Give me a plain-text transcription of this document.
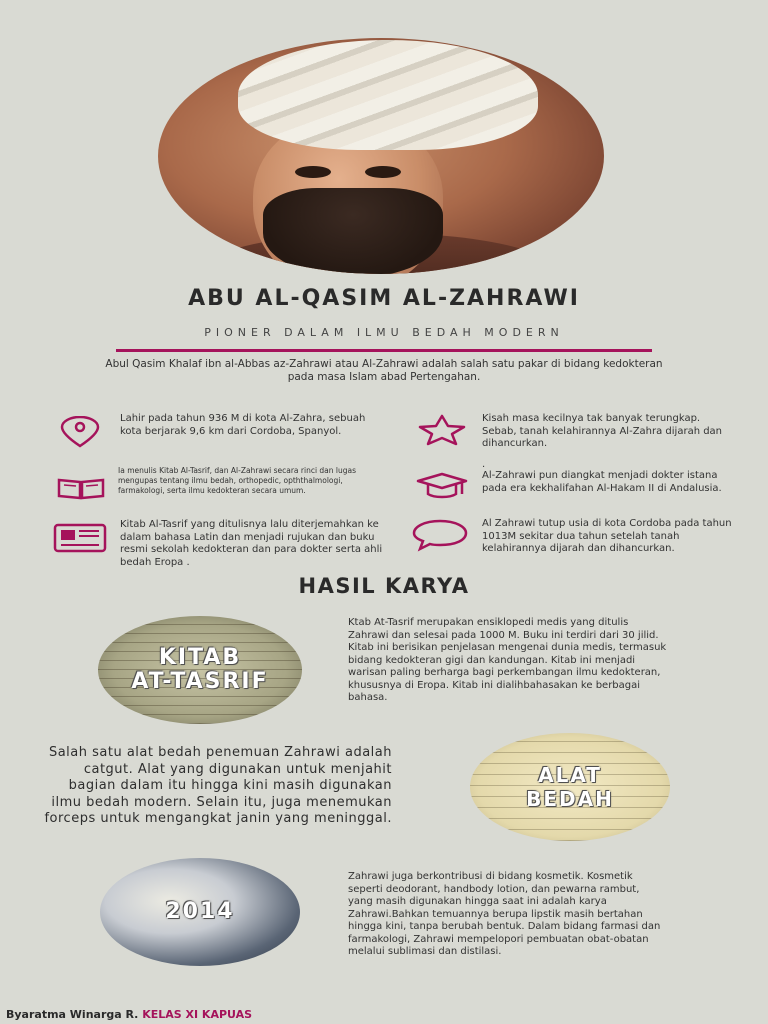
ABU AL-QASIM AL-ZAHRAWI
PIONER DALAM ILMU BEDAH MODERN
Abul Qasim Khalaf ibn al-Abbas az-Zahrawi atau Al-Zahrawi adalah salah satu pakar di bidang kedokteran pada masa Islam abad Pertengahan.
Lahir pada tahun 936 M di kota Al-Zahra, sebuah kota berjarak 9,6 km dari Cordoba, Spanyol.
Ia menulis Kitab Al-Tasrif, dan Al-Zahrawi secara rinci dan lugas mengupas tentang ilmu bedah, orthopedic, opththalmologi, farmakologi, serta ilmu kedokteran secara umum.
Kitab Al-Tasrif yang ditulisnya lalu diterjemahkan ke dalam bahasa Latin dan menjadi rujukan dan buku resmi sekolah kedokteran dan para dokter serta ahli bedah Eropa .
Kisah masa kecilnya tak banyak terungkap. Sebab, tanah kelahirannya Al-Zahra dijarah dan dihancurkan.
.
Al-Zahrawi pun diangkat menjadi dokter istana pada era kekhalifahan Al-Hakam II di Andalusia.
Al Zahrawi tutup usia di kota Cordoba pada tahun 1013M sekitar dua tahun setelah tanah kelahirannya dijarah dan dihancurkan.
HASIL KARYA
KITAB
AT-TASRIF
Ktab At-Tasrif merupakan ensiklopedi medis yang ditulis Zahrawi dan selesai pada 1000 M. Buku ini terdiri dari 30 jilid. Kitab ini berisikan penjelasan mengenai dunia medis, termasuk bidang kedokteran gigi dan kandungan. Kitab ini menjadi warisan paling berharga bagi perkembangan ilmu kedokteran, khususnya di Eropa. Kitab ini dialihbahasakan ke berbagai bahasa.
Salah satu alat bedah penemuan Zahrawi adalah catgut. Alat yang digunakan untuk menjahit bagian dalam itu hingga kini masih digunakan ilmu bedah modern. Selain itu, juga menemukan forceps untuk mengangkat janin yang meninggal.
ALAT
BEDAH
2014
Zahrawi juga berkontribusi di bidang kosmetik. Kosmetik seperti deodorant, handbody lotion, dan pewarna rambut, yang masih digunakan hingga saat ini adalah karya Zahrawi.Bahkan temuannya berupa lipstik masih bertahan hingga kini, tanpa berubah bentuk. Dalam bidang farmasi dan farmakologi, Zahrawi mempelopori pembuatan obat-obatan melalui sublimasi dan distilasi.
Byaratma Winarga R. KELAS XI KAPUAS
